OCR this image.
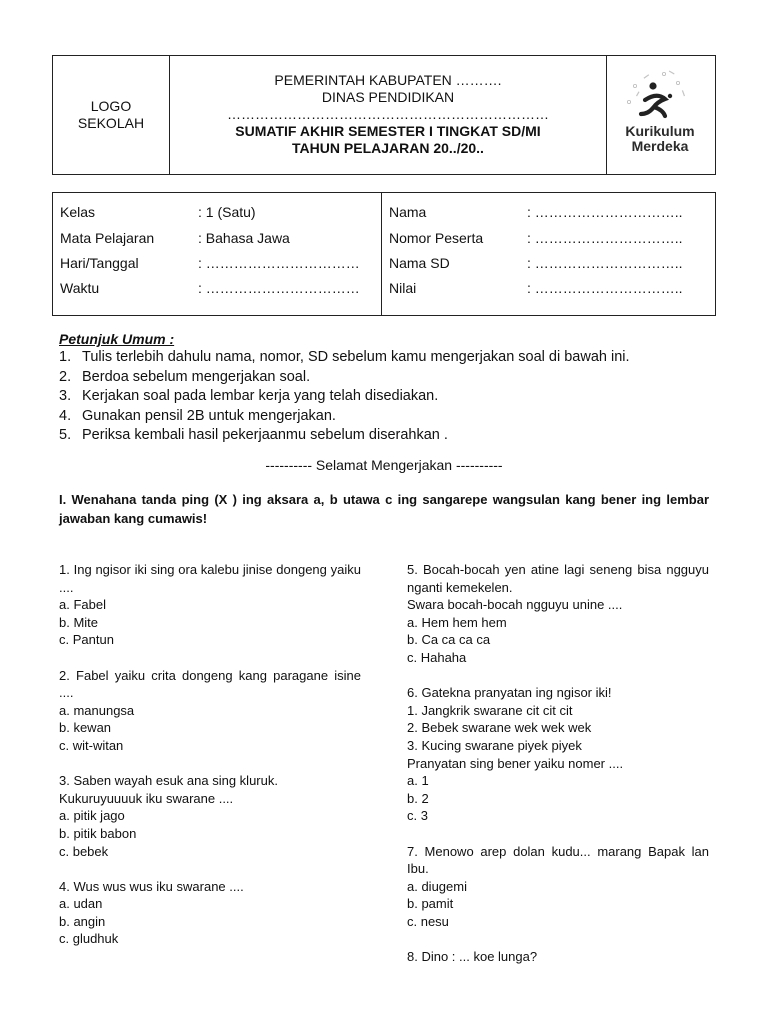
LOGO
SEKOLAH
PEMERINTAH KABUPATEN ……….
DINAS PENDIDIKAN
……………………………………………………………
SUMATIF AKHIR SEMESTER I TINGKAT SD/MI
TAHUN PELAJARAN 20../20..
Kurikulum
Merdeka
Kelas	: 1 (Satu)
Mata Pelajaran	: Bahasa Jawa
Hari/Tanggal	: ……………………………
Waktu	: ……………………………
Nama	: …………………………..
Nomor Peserta	: …………………………..
Nama SD	: …………………………..
Nilai	: …………………………..
Petunjuk Umum :
1. Tulis terlebih dahulu nama, nomor, SD sebelum kamu mengerjakan soal di bawah ini.
2. Berdoa sebelum mengerjakan soal.
3. Kerjakan soal pada lembar kerja yang telah disediakan.
4. Gunakan pensil 2B untuk mengerjakan.
5. Periksa kembali hasil pekerjaanmu sebelum diserahkan .
---------- Selamat Mengerjakan ----------
I. Wenahana tanda ping (X ) ing aksara a, b utawa c ing sangarepe wangsulan kang bener ing lembar jawaban kang cumawis!
1. Ing ngisor iki sing ora kalebu jinise dongeng yaiku ....
a. Fabel
b. Mite
c. Pantun
2. Fabel yaiku crita dongeng kang paragane isine ....
a. manungsa
b. kewan
c. wit-witan
3. Saben wayah esuk ana sing kluruk.
Kukuruyuuuuk iku swarane ....
a. pitik jago
b. pitik babon
c. bebek
4. Wus wus wus iku swarane ....
a. udan
b. angin
c. gludhuk
5. Bocah-bocah yen atine lagi seneng bisa ngguyu nganti kemekelen.
Swara bocah-bocah ngguyu unine ....
a. Hem hem hem
b. Ca ca ca ca
c. Hahaha
6. Gatekna pranyatan ing ngisor iki!
1. Jangkrik swarane cit cit cit
2. Bebek swarane wek wek wek
3. Kucing swarane piyek piyek
Pranyatan sing bener yaiku nomer ....
a. 1
b. 2
c. 3
7. Menowo arep dolan kudu... marang Bapak lan Ibu.
a. diugemi
b. pamit
c. nesu
8. Dino : ... koe lunga?
